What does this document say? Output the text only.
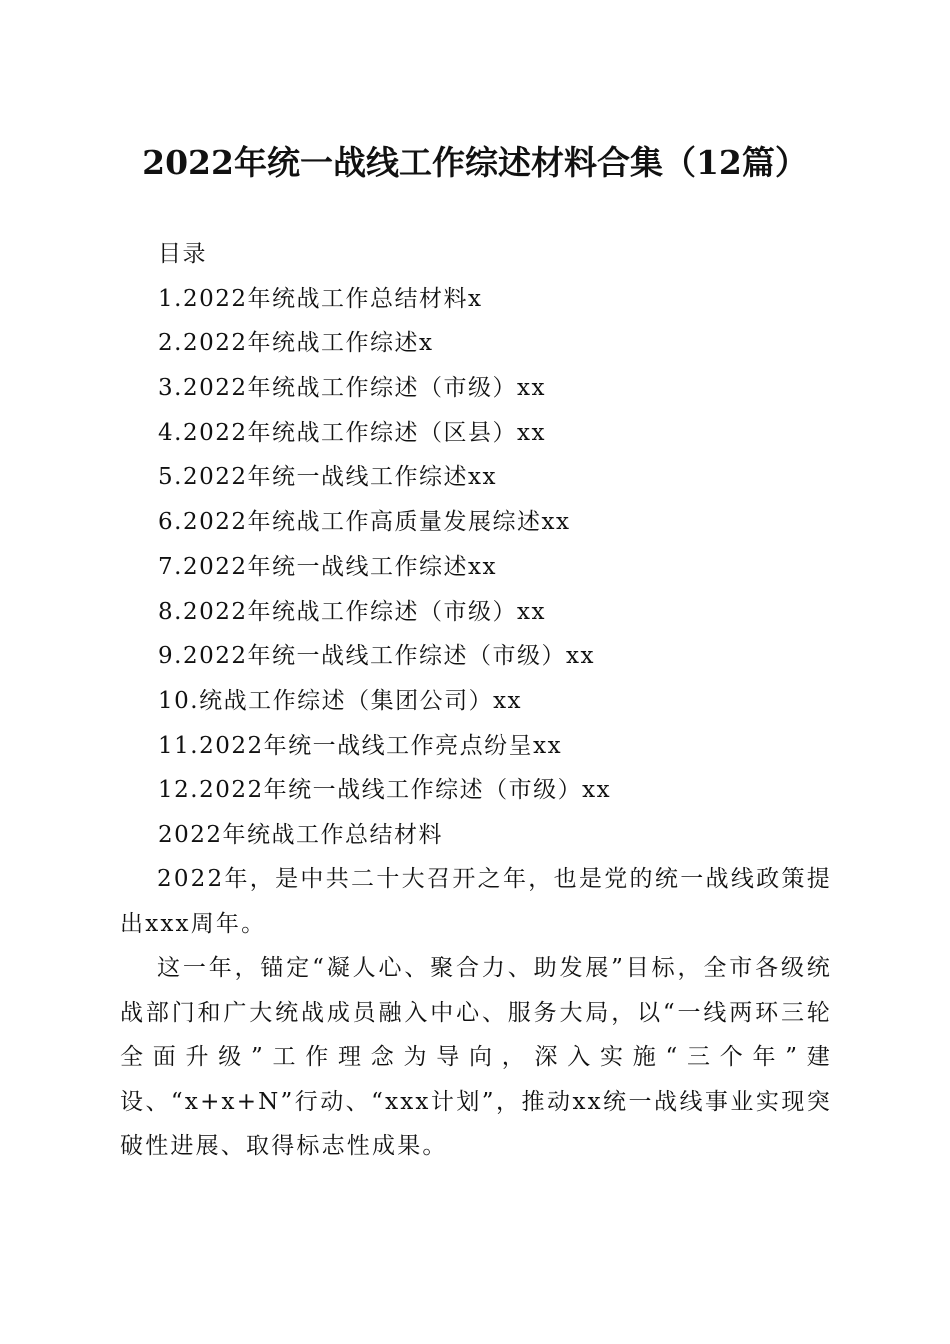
2022年统一战线工作综述材料合集（12篇）
目录
1.2022年统战工作总结材料x
2.2022年统战工作综述x
3.2022年统战工作综述（市级）xx
4.2022年统战工作综述（区县）xx
5.2022年统一战线工作综述xx
6.2022年统战工作高质量发展综述xx
7.2022年统一战线工作综述xx
8.2022年统战工作综述（市级）xx
9.2022年统一战线工作综述（市级）xx
10.统战工作综述（集团公司）xx
11.2022年统一战线工作亮点纷呈xx
12.2022年统一战线工作综述（市级）xx
2022年统战工作总结材料

2022年，是中共二十大召开之年，也是党的统一战线政策提出xxx周年。

这一年，锚定“凝人心、聚合力、助发展”目标，全市各级统战部门和广大统战成员融入中心、服务大局，以“一线两环三轮全面升级”工作理念为导向，深入实施“三个年”建设、“x+x+N”行动、“xxx计划”，推动xx统一战线事业实现突破性进展、取得标志性成果。
